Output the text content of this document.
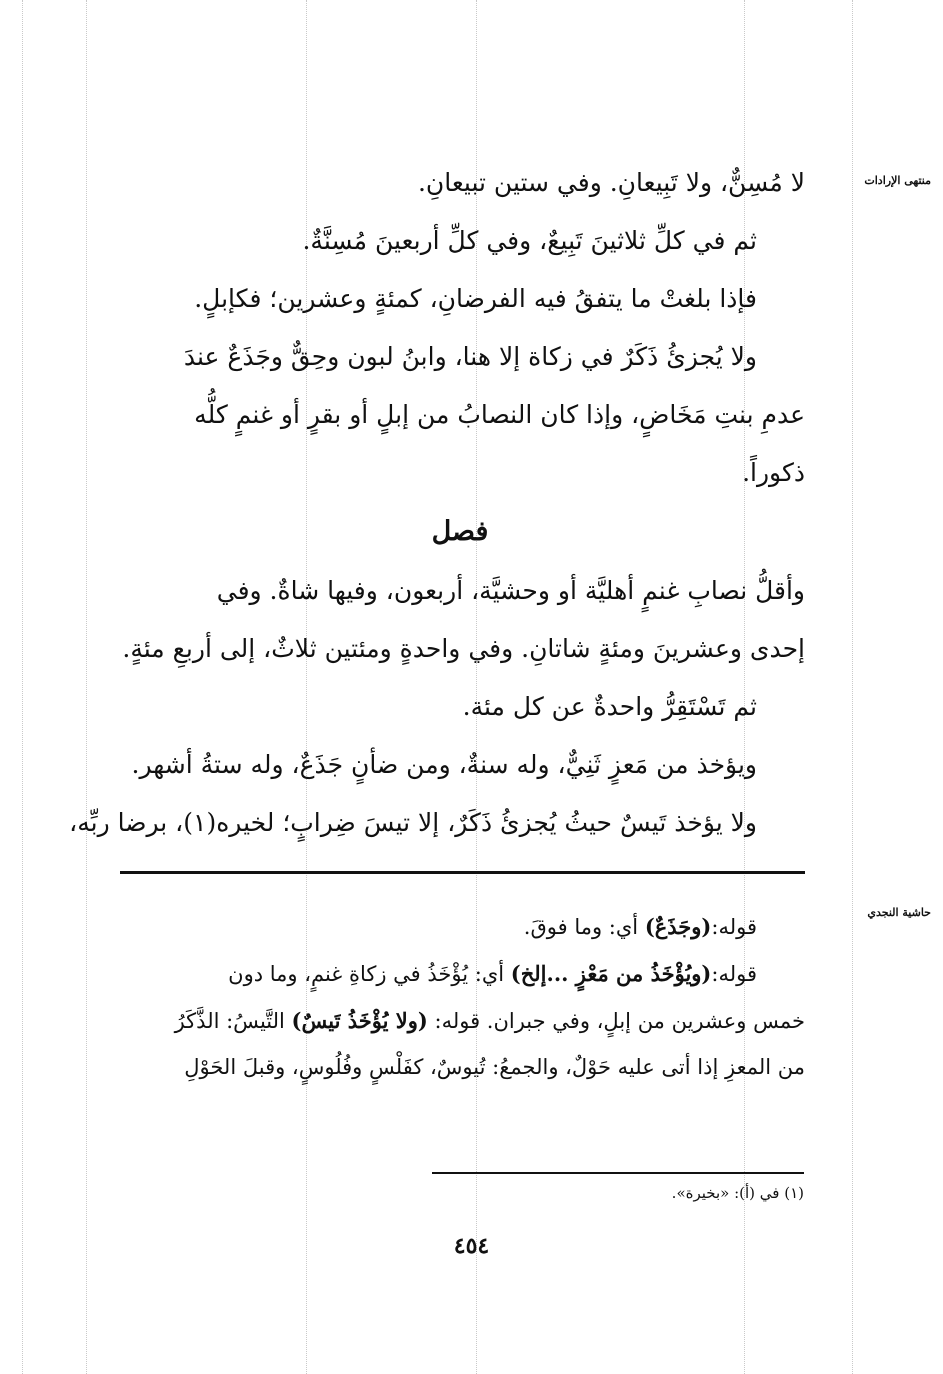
منتهى الإرادات
حاشية النجدي
لا مُسِنٌّ، ولا تَبِيعانِ. وفي ستين تبيعانِ.
ثم في كلِّ ثلاثينَ تَبِيعٌ، وفي كلِّ أربعينَ مُسِنَّةٌ.
فإذا بلغتْ ما يتفقُ فيه الفرضانِ، كمئةٍ وعشرين؛ فكإبلٍ.
ولا يُجزئُ ذَكَرٌ في زكاة إلا هنا، وابنُ لبون وحِقٌّ وجَذَعٌ عندَ
عدمِ بنتِ مَخَاضٍ، وإذا كان النصابُ من إبلٍ أو بقرٍ أو غنمٍ كلُّه
ذكوراً.
فصل
وأقلُّ نصابِ غنمٍ أهليَّة أو وحشيَّة، أربعون، وفيها شاةٌ. وفي
إحدى وعشرينَ ومئةٍ شاتانِ. وفي واحدةٍ ومئتين ثلاثٌ، إلى أربعِ مئةٍ.
ثم تَسْتَقِرُّ واحدةٌ عن كل مئة.
ويؤخذ من مَعزٍ ثَنِيٌّ، وله سنةٌ، ومن ضأنٍ جَذَعٌ، وله ستةُ أشهر.
ولا يؤخذ تَيسٌ حيثُ يُجزئُ ذَكَرٌ، إلا تيسَ ضِرابٍ؛ لخيره(١)، برضا ربِّه،
قوله:(وجَذَعٌ) أي: وما فوقَ.
قوله:(ويُؤْخَذُ من مَعْزٍ ...إلخ) أي: يُؤْخَذُ في زكاةِ غنمٍ، وما دون
خمس وعشرين من إبلٍ، وفي جبران. قوله: (ولا يُؤْخَذُ تَيسٌ) التَّيسُ: الذَّكَرُ
من المعزِ إذا أتى عليه حَوْلٌ، والجمعُ: تُيوسٌ، كفَلْسٍ وفُلُوسٍ، وقبلَ الحَوْلِ
(١) في (أ): «بخيرة».
٤٥٤
